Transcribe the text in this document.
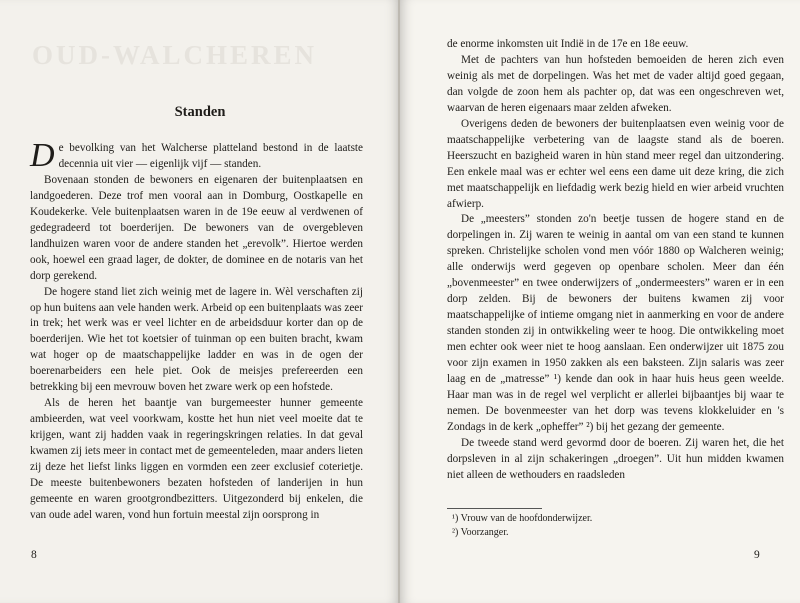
OUD-WALCHEREN
Standen

De bevolking van het Walcherse platteland bestond in de laatste decennia uit vier — eigenlijk vijf — standen.

Bovenaan stonden de bewoners en eigenaren der buitenplaatsen en landgoederen. Deze trof men vooral aan in Domburg, Oostkapelle en Koudekerke. Vele buitenplaatsen waren in de 19e eeuw al verdwenen of gedegradeerd tot boerderijen. De bewoners van de overgebleven landhuizen waren voor de andere standen het „erevolk”. Hiertoe werden ook, hoewel een graad lager, de dokter, de dominee en de notaris van het dorp gerekend.

De hogere stand liet zich weinig met de lagere in. Wèl verschaften zij op hun buitens aan vele handen werk. Arbeid op een buitenplaats was zeer in trek; het werk was er veel lichter en de arbeidsduur korter dan op de boerderijen. Wie het tot koetsier of tuinman op een buiten bracht, kwam wat hoger op de maatschappelijke ladder en was in de ogen der boerenarbeiders een hele piet. Ook de meisjes prefereerden een betrekking bij een mevrouw boven het zware werk op een hofstede.

Als de heren het baantje van burgemeester hunner gemeente ambieerden, wat veel voorkwam, kostte het hun niet veel moeite dat te krijgen, want zij hadden vaak in regeringskringen relaties. In dat geval kwamen zij iets meer in contact met de gemeenteleden, maar anders lieten zij deze het liefst links liggen en vormden een zeer exclusief coterietje. De meeste buitenbewoners bezaten hofsteden of landerijen in hun gemeente en waren grootgrondbezitters. Uitgezonderd bij enkelen, die van oude adel waren, vond hun fortuin meestal zijn oorsprong in

8

de enorme inkomsten uit Indië in de 17e en 18e eeuw.

Met de pachters van hun hofsteden bemoeiden de heren zich even weinig als met de dorpelingen. Was het met de vader altijd goed gegaan, dan volgde de zoon hem als pachter op, dat was een ongeschreven wet, waarvan de heren eigenaars maar zelden afweken.

Overigens deden de bewoners der buitenplaatsen even weinig voor de maatschappelijke verbetering van de laagste stand als de boeren. Heerszucht en bazigheid waren in hùn stand meer regel dan uitzondering. Een enkele maal was er echter wel eens een dame uit deze kring, die zich met maatschappelijk en liefdadig werk bezig hield en wier arbeid vruchten afwierp.

De „meesters” stonden zo'n beetje tussen de hogere stand en de dorpelingen in. Zij waren te weinig in aantal om van een stand te kunnen spreken. Christelijke scholen vond men vóór 1880 op Walcheren weinig; alle onderwijs werd gegeven op openbare scholen. Meer dan één „bovenmeester” en twee onderwijzers of „ondermeesters” waren er in een dorp zelden. Bij de bewoners der buitens kwamen zij voor maatschappelijke of intieme omgang niet in aanmerking en voor de andere standen stonden zij in ontwikkeling weer te hoog. Die ontwikkeling moet men echter ook weer niet te hoog aanslaan. Een onderwijzer uit 1875 zou voor zijn examen in 1950 zakken als een baksteen. Zijn salaris was zeer laag en de „matresse” ¹) kende dan ook in haar huis heus geen weelde. Haar man was in de regel wel verplicht er allerlei bijbaantjes bij waar te nemen. De bovenmeester van het dorp was tevens klokkeluider en 's Zondags in de kerk „opheffer” ²) bij het gezang der gemeente.

De tweede stand werd gevormd door de boeren. Zij waren het, die het dorpsleven in al zijn schakeringen „droegen”. Uit hun midden kwamen niet alleen de wethouders en raadsleden

¹) Vrouw van de hoofdonderwijzer.
²) Voorzanger.
9
